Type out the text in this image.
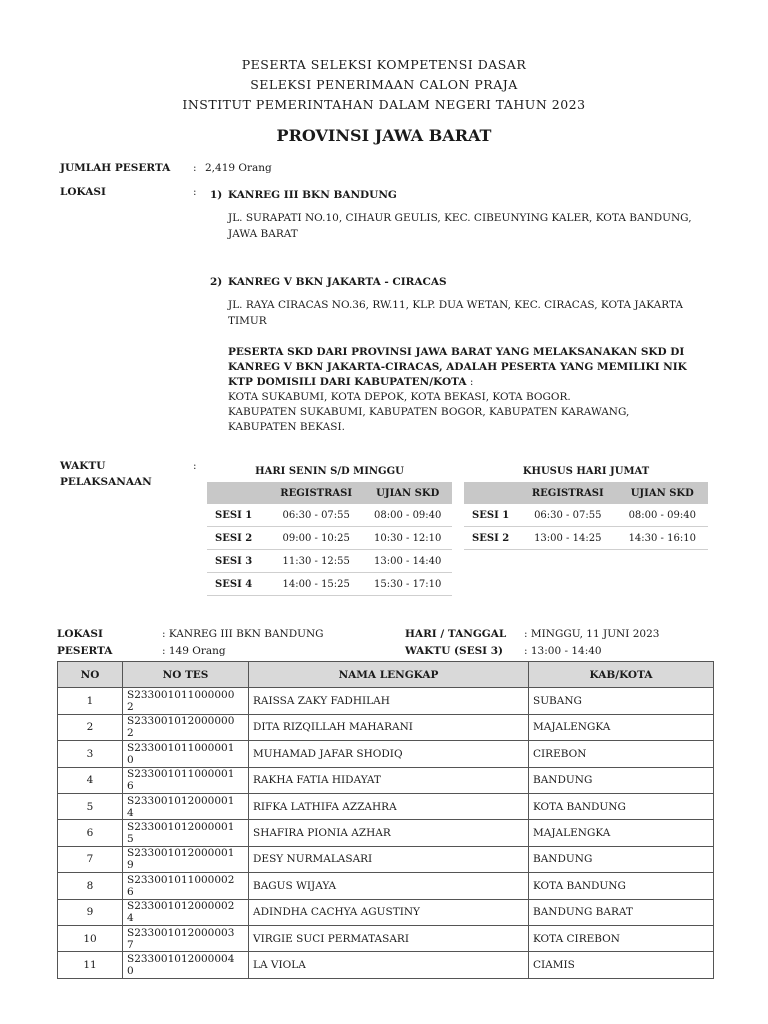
PESERTA SELEKSI KOMPETENSI DASAR
SELEKSI PENERIMAAN CALON PRAJA
INSTITUT PEMERINTAHAN DALAM NEGERI TAHUN 2023
PROVINSI JAWA BARAT
JUMLAH PESERTA : 2,419 Orang
LOKASI	: 1) KANREG III BKN BANDUNG
JL. SURAPATI NO.10, CIHAUR GEULIS, KEC. CIBEUNYING KALER, KOTA BANDUNG, JAWA BARAT
2) KANREG V BKN JAKARTA - CIRACAS
JL. RAYA CIRACAS NO.36, RW.11, KLP. DUA WETAN, KEC. CIRACAS, KOTA JAKARTA TIMUR
PESERTA SKD DARI PROVINSI JAWA BARAT YANG MELAKSANAKAN SKD DI KANREG V BKN JAKARTA-CIRACAS, ADALAH PESERTA YANG MEMILIKI NIK KTP DOMISILI DARI KABUPATEN/KOTA :
KOTA SUKABUMI, KOTA DEPOK, KOTA BEKASI, KOTA BOGOR.
KABUPATEN SUKABUMI, KABUPATEN BOGOR, KABUPATEN KARAWANG, KABUPATEN BEKASI.
WAKTU
PELAKSANAAN
:	HARI SENIN S/D MINGGU		
	REGISTRASI	UJIAN SKD
SESI 1	06:30 - 07:55	08:00 - 09:40
SESI 2	09:00 - 10:25	10:30 - 12:10
SESI 3	11:30 - 12:55	13:00 - 14:40
SESI 4	14:00 - 15:25	15:30 - 17:10
KHUSUS HARI JUMAT		
	REGISTRASI	UJIAN SKD
SESI 1	06:30 - 07:55	08:00 - 09:40
SESI 2	13:00 - 14:25	14:30 - 16:10
LOKASI	: KANREG III BKN BANDUNG
PESERTA	: 149 Orang
HARI / TANGGAL : MINGGU, 11 JUNI 2023
WAKTU (SESI 3) : 13:00 - 14:40
NO	NO TES	NAMA LENGKAP	KAB/KOTA
1	S233001011000000 2	RAISSA ZAKY FADHILAH	SUBANG
2	S233001012000000 2	DITA RIZQILLAH MAHARANI	MAJALENGKA
3	S233001011000001 0	MUHAMAD JAFAR SHODIQ	CIREBON
4	S233001011000001 6	RAKHA FATIA HIDAYAT	BANDUNG
5	S233001012000001 4	RIFKA LATHIFA AZZAHRA	KOTA BANDUNG
6	S233001012000001 5	SHAFIRA PIONIA AZHAR	MAJALENGKA
7	S233001012000001 9	DESY NURMALASARI	BANDUNG
8	S233001011000002 6	BAGUS WIJAYA	KOTA BANDUNG
9	S233001012000002 4	ADINDHA CACHYA AGUSTINY	BANDUNG BARAT
10	S233001012000003 7	VIRGIE SUCI PERMATASARI	KOTA CIREBON
11	S233001012000004 0	LA VIOLA	CIAMIS
